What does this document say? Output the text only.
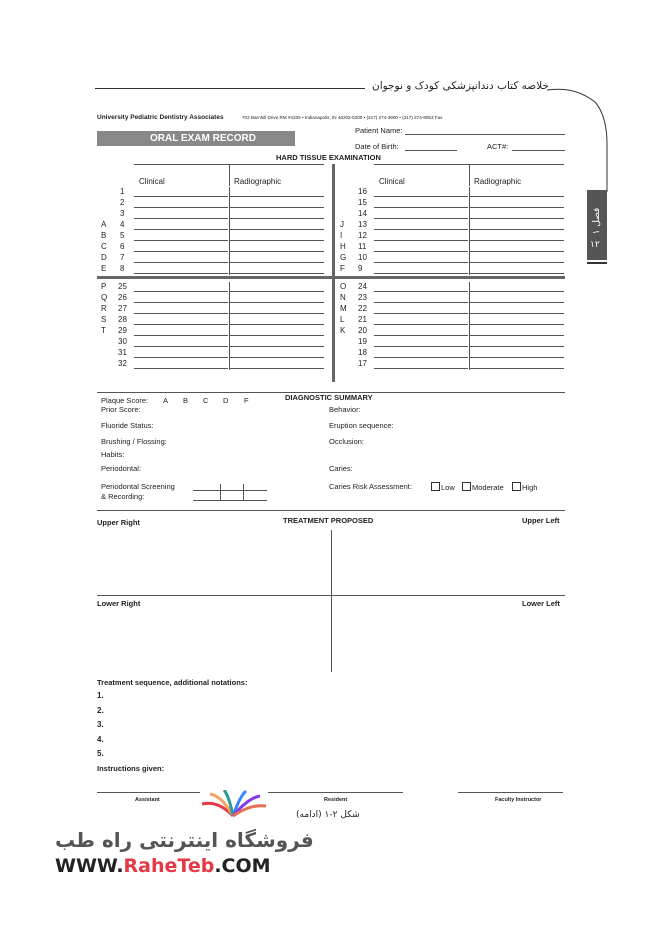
خلاصه کتاب دندانپزشکی کودک و نوجوان
فصل ۱
۱۲
University Pediatric Dentistry Associates	702 Barnhill Drive RM #4205 • Indianapolis, IN 46202-5200 • (317) 274-3900 • (317) 274-9053 Fax
ORAL EXAM RECORD
Patient Name:
Date of Birth:	ACT#:
HARD TISSUE EXAMINATION
Clinical	Radiographic	Clinical	Radiographic
1
2
3
A 4
B 5
C 6
D 7
E 8
16
15
14
J 13
I 12
H 11
G 10
F 9
P 25
Q 26
R 27
S 28
T 29
30
31
32
O 24
N 23
M 22
L 21
K 20
19
18
17
DIAGNOSTIC SUMMARY
Plaque Score: A B C D F
Prior Score:
Fluoride Status:
Brushing / Flossing:
Habits:
Periodontal:
Periodontal Screening
& Recording:
Behavior:
Eruption sequence:
Occlusion:
Caries:
Caries Risk Assessment:	Low	Moderate	High
TREATMENT PROPOSED
Upper Right	Upper Left
Lower Right	Lower Left
Treatment sequence, additional notations:
1.
2.
3.
4.
5.
Instructions given:
Assistant	Resident	Faculty Instructor
شکل ۲-۱ (ادامه)
فروشگاه اینترنتی راه طب
WWW.RaheTeb.COM
